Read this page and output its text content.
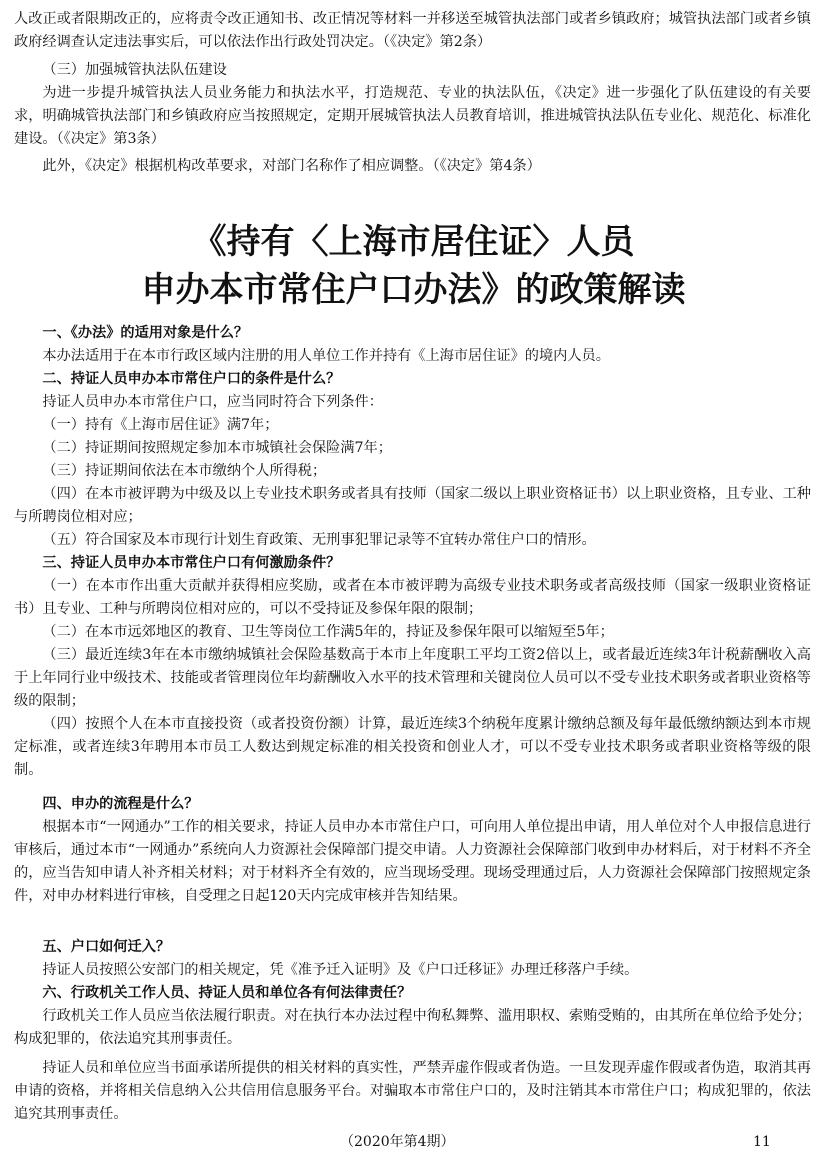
人改正或者限期改正的，应将责令改正通知书、改正情况等材料一并移送至城管执法部门或者乡镇政府；城管执法部门或者乡镇政府经调查认定违法事实后，可以依法作出行政处罚决定。（《决定》第2条）

（三）加强城管执法队伍建设

为进一步提升城管执法人员业务能力和执法水平，打造规范、专业的执法队伍，《决定》进一步强化了队伍建设的有关要求，明确城管执法部门和乡镇政府应当按照规定，定期开展城管执法人员教育培训，推进城管执法队伍专业化、规范化、标准化建设。（《决定》第3条）

此外，《决定》根据机构改革要求，对部门名称作了相应调整。（《决定》第4条）

《持有〈上海市居住证〉人员
申办本市常住户口办法》的政策解读

一、《办法》的适用对象是什么？

本办法适用于在本市行政区域内注册的用人单位工作并持有《上海市居住证》的境内人员。

二、持证人员申办本市常住户口的条件是什么？

持证人员申办本市常住户口，应当同时符合下列条件：

（一）持有《上海市居住证》满7年；

（二）持证期间按照规定参加本市城镇社会保险满7年；

（三）持证期间依法在本市缴纳个人所得税；

（四）在本市被评聘为中级及以上专业技术职务或者具有技师（国家二级以上职业资格证书）以上职业资格，且专业、工种与所聘岗位相对应；

（五）符合国家及本市现行计划生育政策、无刑事犯罪记录等不宜转办常住户口的情形。

三、持证人员申办本市常住户口有何激励条件？

（一）在本市作出重大贡献并获得相应奖励，或者在本市被评聘为高级专业技术职务或者高级技师（国家一级职业资格证书）且专业、工种与所聘岗位相对应的，可以不受持证及参保年限的限制；

（二）在本市远郊地区的教育、卫生等岗位工作满5年的，持证及参保年限可以缩短至5年；

（三）最近连续3年在本市缴纳城镇社会保险基数高于本市上年度职工平均工资2倍以上，或者最近连续3年计税薪酬收入高于上年同行业中级技术、技能或者管理岗位年均薪酬收入水平的技术管理和关键岗位人员可以不受专业技术职务或者职业资格等级的限制；

（四）按照个人在本市直接投资（或者投资份额）计算，最近连续3个纳税年度累计缴纳总额及每年最低缴纳额达到本市规定标准，或者连续3年聘用本市员工人数达到规定标准的相关投资和创业人才，可以不受专业技术职务或者职业资格等级的限制。

四、申办的流程是什么？

根据本市“一网通办”工作的相关要求，持证人员申办本市常住户口，可向用人单位提出申请，用人单位对个人申报信息进行审核后，通过本市“一网通办”系统向人力资源社会保障部门提交申请。人力资源社会保障部门收到申办材料后，对于材料不齐全的，应当告知申请人补齐相关材料；对于材料齐全有效的，应当现场受理。现场受理通过后，人力资源社会保障部门按照规定条件，对申办材料进行审核，自受理之日起120天内完成审核并告知结果。

五、户口如何迁入？

持证人员按照公安部门的相关规定，凭《准予迁入证明》及《户口迁移证》办理迁移落户手续。

六、行政机关工作人员、持证人员和单位各有何法律责任？

行政机关工作人员应当依法履行职责。对在执行本办法过程中徇私舞弊、滥用职权、索贿受贿的，由其所在单位给予处分；构成犯罪的，依法追究其刑事责任。

持证人员和单位应当书面承诺所提供的相关材料的真实性，严禁弄虚作假或者伪造。一旦发现弄虚作假或者伪造，取消其再申请的资格，并将相关信息纳入公共信用信息服务平台。对骗取本市常住户口的，及时注销其本市常住户口；构成犯罪的，依法追究其刑事责任。

（2020年第4期）	11
